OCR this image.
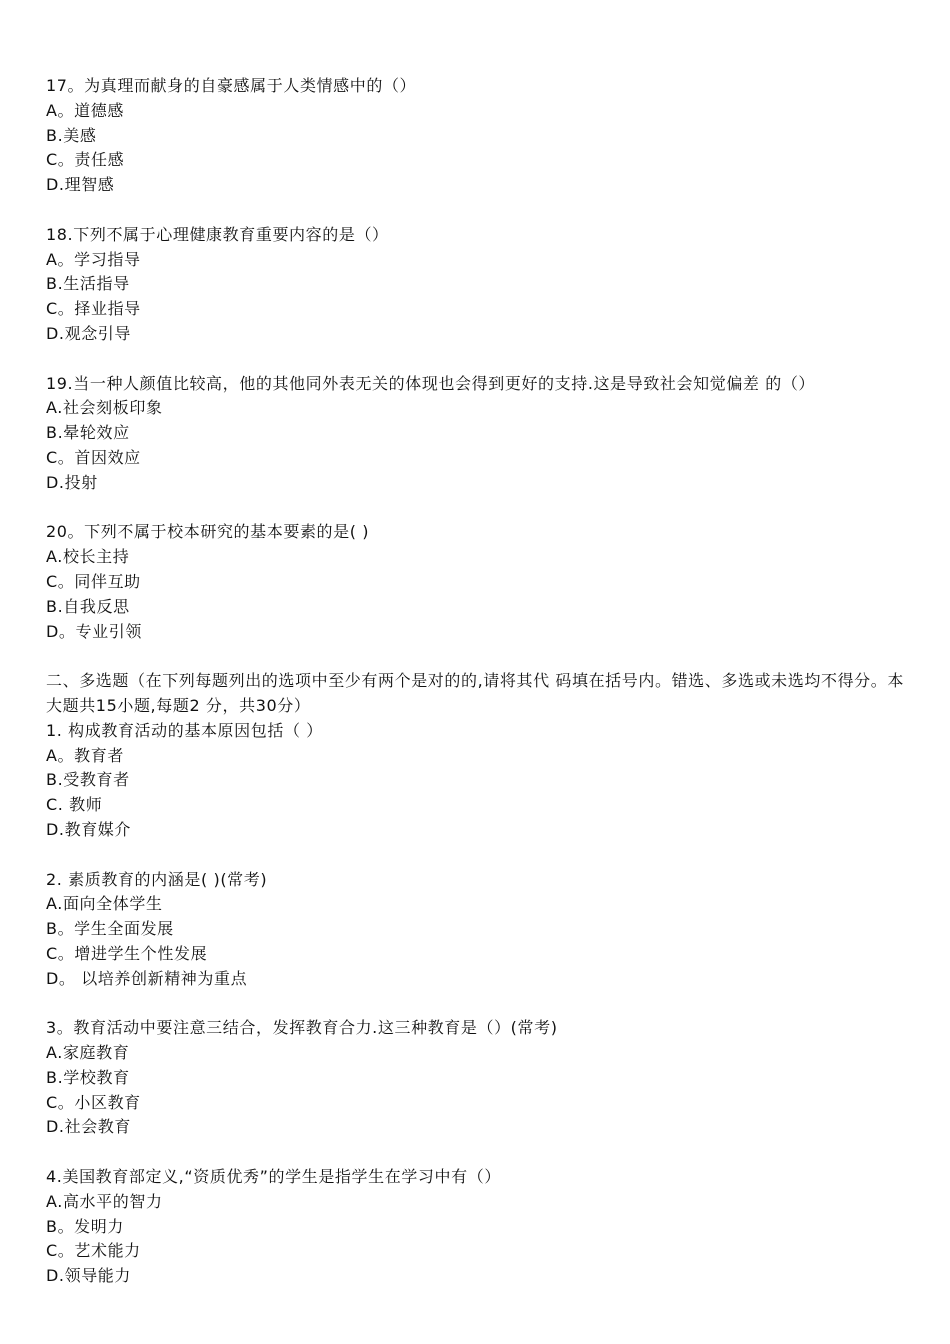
17。为真理而献身的自豪感属于人类情感中的（）
A。道德感
B.美感
C。责任感
D.理智感
18.下列不属于心理健康教育重要内容的是（）
A。学习指导
B.生活指导
C。择业指导
D.观念引导
19.当一种人颜值比较高，他的其他同外表无关的体现也会得到更好的支持.这是导致社会知觉偏差 的（）
A.社会刻板印象
B.晕轮效应
C。首因效应
D.投射
20。下列不属于校本研究的基本要素的是( )
A.校长主持
C。同伴互助
B.自我反思
D。专业引领
二、多选题（在下列每题列出的选项中至少有两个是对的的,请将其代 码填在括号内。错选、多选或未选均不得分。本大题共15小题,每题2 分，共30分）
1. 构成教育活动的基本原因包括（ ）
A。教育者
B.受教育者
C. 教师
D.教育媒介
2. 素质教育的内涵是( )(常考)
A.面向全体学生
B。学生全面发展
C。增进学生个性发展
D。 以培养创新精神为重点
3。教育活动中要注意三结合，发挥教育合力.这三种教育是（）(常考)
A.家庭教育
B.学校教育
C。小区教育
D.社会教育
4.美国教育部定义,“资质优秀”的学生是指学生在学习中有（）
A.高水平的智力
B。发明力
C。艺术能力
D.领导能力
